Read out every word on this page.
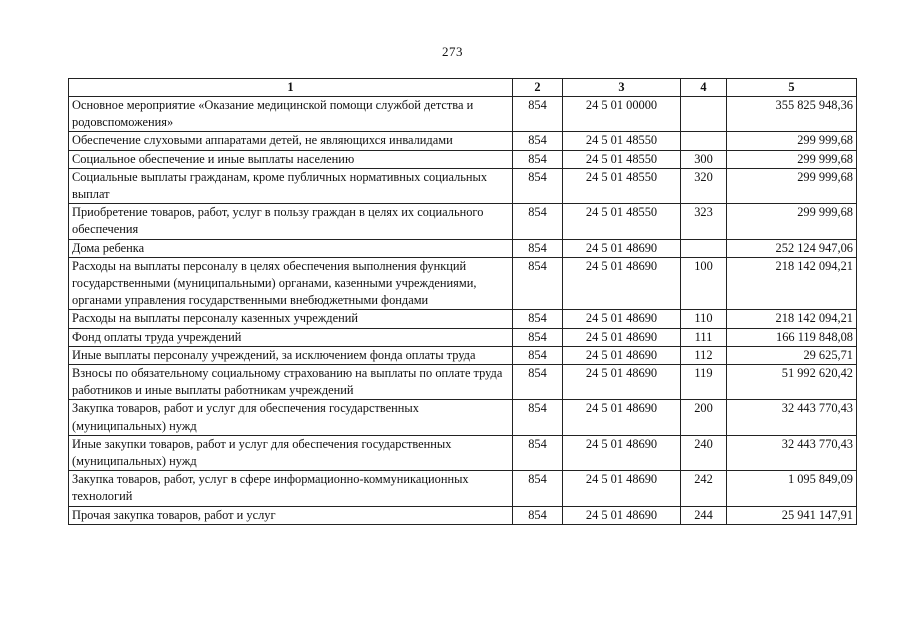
273
1	2	3	4	5
Основное мероприятие «Оказание медицинской помощи службой детства и родовспоможения»	854	24 5 01 00000		355 825 948,36
Обеспечение слуховыми аппаратами детей, не являющихся инвалидами	854	24 5 01 48550		299 999,68
Социальное обеспечение и иные выплаты населению	854	24 5 01 48550	300	299 999,68
Социальные выплаты гражданам, кроме публичных нормативных социальных выплат	854	24 5 01 48550	320	299 999,68
Приобретение товаров, работ, услуг в пользу граждан в целях их социального обеспечения	854	24 5 01 48550	323	299 999,68
Дома ребенка	854	24 5 01 48690		252 124 947,06
Расходы на выплаты персоналу в целях обеспечения выполнения функций государственными (муниципальными) органами, казенными учреждениями, органами управления государственными внебюджетными фондами	854	24 5 01 48690	100	218 142 094,21
Расходы на выплаты персоналу казенных учреждений	854	24 5 01 48690	110	218 142 094,21
Фонд оплаты труда учреждений	854	24 5 01 48690	111	166 119 848,08
Иные выплаты персоналу учреждений, за исключением фонда оплаты труда	854	24 5 01 48690	112	29 625,71
Взносы по обязательному социальному страхованию на выплаты по оплате труда работников и иные выплаты работникам учреждений	854	24 5 01 48690	119	51 992 620,42
Закупка товаров, работ и услуг для обеспечения государственных (муниципальных) нужд	854	24 5 01 48690	200	32 443 770,43
Иные закупки товаров, работ и услуг для обеспечения государственных (муниципальных) нужд	854	24 5 01 48690	240	32 443 770,43
Закупка товаров, работ, услуг в сфере информационно-коммуникационных технологий	854	24 5 01 48690	242	1 095 849,09
Прочая закупка товаров, работ и услуг	854	24 5 01 48690	244	25 941 147,91
